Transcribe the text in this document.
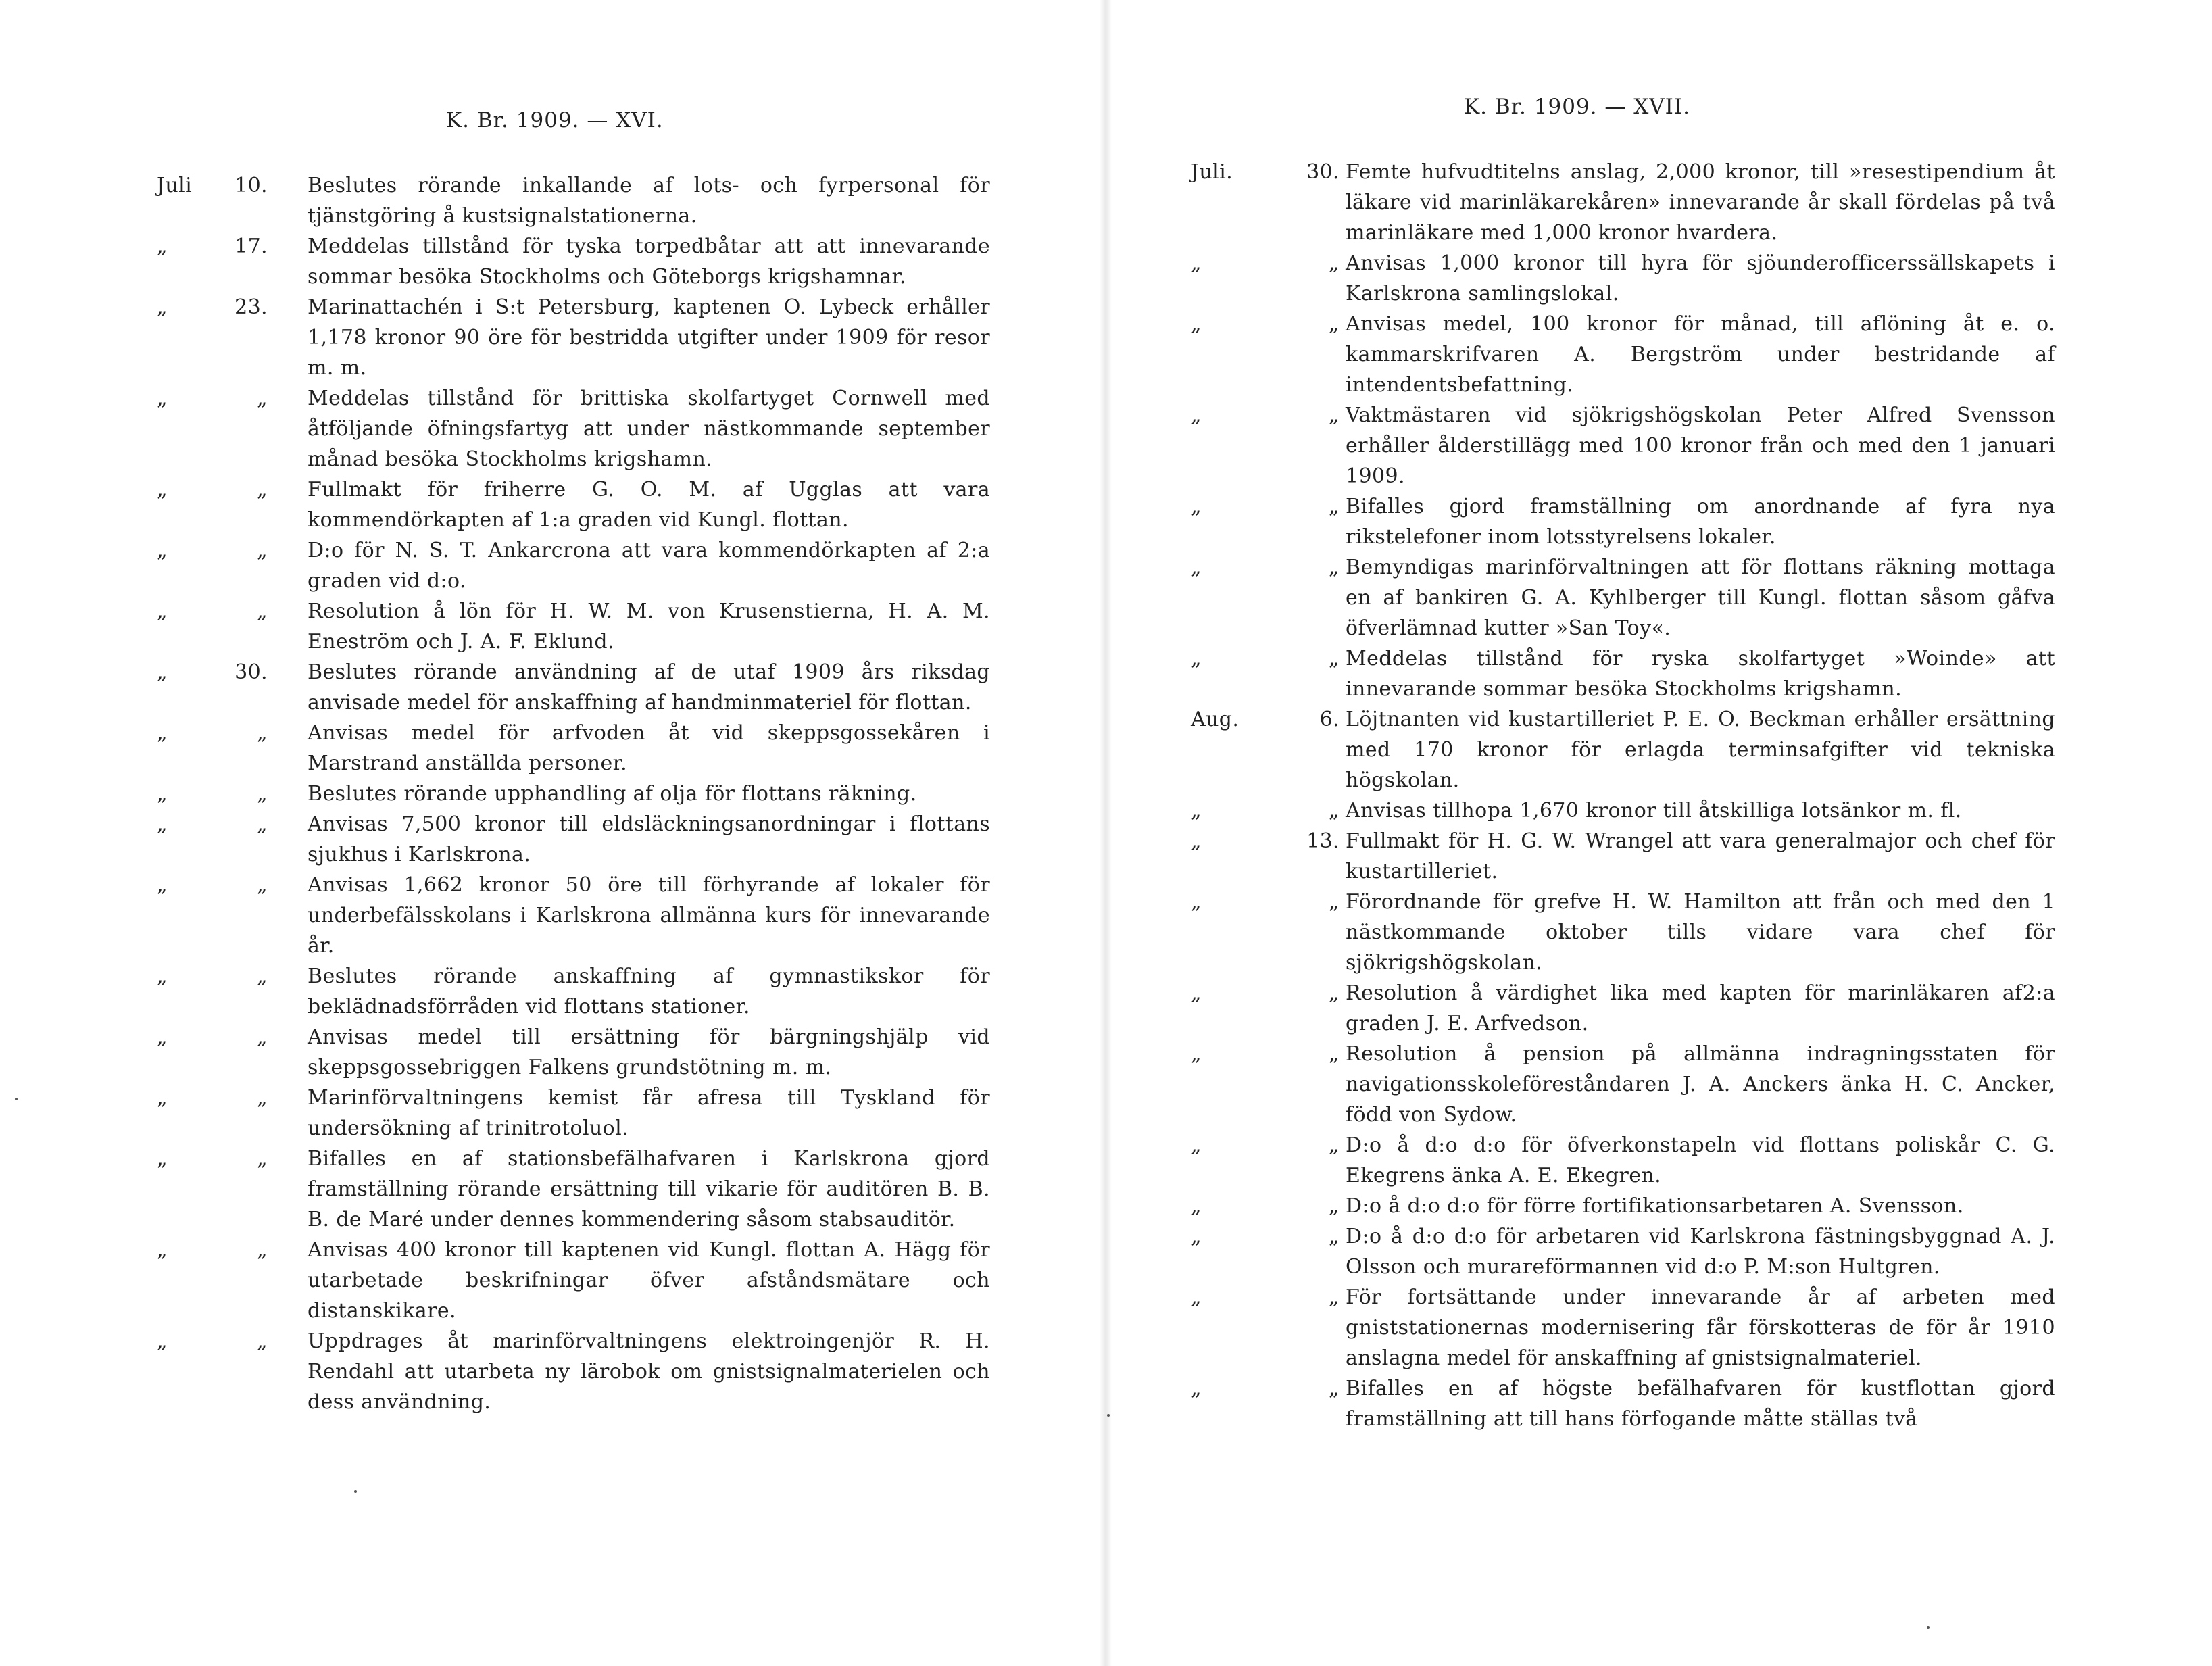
K. Br. 1909. — XVI.
Juli	10. Beslutes rörande inkallande af lots- och fyrpersonal för tjänstgöring å kustsignalstationerna.
„	17. Meddelas tillstånd för tyska torpedbåtar att att innevarande sommar besöka Stockholms och Göteborgs krigshamnar.
„	23. Marinattachén i S:t Petersburg, kaptenen O. Lybeck erhåller 1,178 kronor 90 öre för bestridda utgifter under 1909 för resor m. m.
„	„ Meddelas tillstånd för brittiska skolfartyget Cornwell med åtföljande öfningsfartyg att under nästkommande september månad besöka Stockholms krigshamn.
„	„ Fullmakt för friherre G. O. M. af Ugglas att vara kommendörkapten af 1:a graden vid Kungl. flottan.
„	„ D:o för N. S. T. Ankarcrona att vara kommendörkapten af 2:a graden vid d:o.
„	„ Resolution å lön för H. W. M. von Krusenstierna, H. A. M. Eneström och J. A. F. Eklund.
„	30. Beslutes rörande användning af de utaf 1909 års riksdag anvisade medel för anskaffning af handminmateriel för flottan.
„	„ Anvisas medel för arfvoden åt vid skeppsgossekåren i Marstrand anställda personer.
„	„ Beslutes rörande upphandling af olja för flottans räkning.
„	„ Anvisas 7,500 kronor till eldsläckningsanordningar i flottans sjukhus i Karlskrona.
„	„ Anvisas 1,662 kronor 50 öre till förhyrande af lokaler för underbefälsskolans i Karlskrona allmänna kurs för innevarande år.
„	„ Beslutes rörande anskaffning af gymnastikskor för beklädnadsförråden vid flottans stationer.
„	„ Anvisas medel till ersättning för bärgningshjälp vid skeppsgossebriggen Falkens grundstötning m. m.
„	„ Marinförvaltningens kemist får afresa till Tyskland för undersökning af trinitrotoluol.
„	„ Bifalles en af stationsbefälhafvaren i Karlskrona gjord framställning rörande ersättning till vikarie för auditören B. B. B. de Maré under dennes kommendering såsom stabsauditör.
„	„ Anvisas 400 kronor till kaptenen vid Kungl. flottan A. Hägg för utarbetade beskrifningar öfver afståndsmätare och distanskikare.
„	„ Uppdrages åt marinförvaltningens elektroingenjör R. H. Rendahl att utarbeta ny lärobok om gnistsignalmaterielen och dess användning.
K. Br. 1909. — XVII.
Juli.	30. Femte hufvudtitelns anslag, 2,000 kronor, till »resestipendium åt läkare vid marinläkarekåren» innevarande år skall fördelas på två marinläkare med 1,000 kronor hvardera.
„	„ Anvisas 1,000 kronor till hyra för sjöunderofficerssällskapets i Karlskrona samlingslokal.
„	„ Anvisas medel, 100 kronor för månad, till aflöning åt e. o. kammarskrifvaren A. Bergström under bestridande af intendentsbefattning.
„	„ Vaktmästaren vid sjökrigshögskolan Peter Alfred Svensson erhåller ålderstillägg med 100 kronor från och med den 1 januari 1909.
„	„ Bifalles gjord framställning om anordnande af fyra nya rikstelefoner inom lotsstyrelsens lokaler.
„	„ Bemyndigas marinförvaltningen att för flottans räkning mottaga en af bankiren G. A. Kyhlberger till Kungl. flottan såsom gåfva öfverlämnad kutter »San Toy«.
„	„ Meddelas tillstånd för ryska skolfartyget »Woinde» att innevarande sommar besöka Stockholms krigshamn.
Aug.	6. Löjtnanten vid kustartilleriet P. E. O. Beckman erhåller ersättning med 170 kronor för erlagda terminsafgifter vid tekniska högskolan.
„	„ Anvisas tillhopa 1,670 kronor till åtskilliga lotsänkor m. fl.
„	13. Fullmakt för H. G. W. Wrangel att vara generalmajor och chef för kustartilleriet.
„	„ Förordnande för grefve H. W. Hamilton att från och med den 1 nästkommande oktober tills vidare vara chef för sjökrigshögskolan.
„	„ Resolution å värdighet lika med kapten för marinläkaren af2:a graden J. E. Arfvedson.
„	„ Resolution å pension på allmänna indragningsstaten för navigationsskoleföreståndaren J. A. Anckers änka H. C. Ancker, född von Sydow.
„	„ D:o å d:o d:o för öfverkonstapeln vid flottans poliskår C. G. Ekegrens änka A. E. Ekegren.
„	„ D:o å d:o d:o för förre fortifikationsarbetaren A. Svensson.
„	„ D:o å d:o d:o för arbetaren vid Karlskrona fästningsbyggnad A. J. Olsson och murareförmannen vid d:o P. M:son Hultgren.
„	„ För fortsättande under innevarande år af arbeten med gniststationernas modernisering får förskotteras de för år 1910 anslagna medel för anskaffning af gnistsignalmateriel.
„	„ Bifalles en af högste befälhafvaren för kustflottan gjord framställning att till hans förfogande måtte ställas två
